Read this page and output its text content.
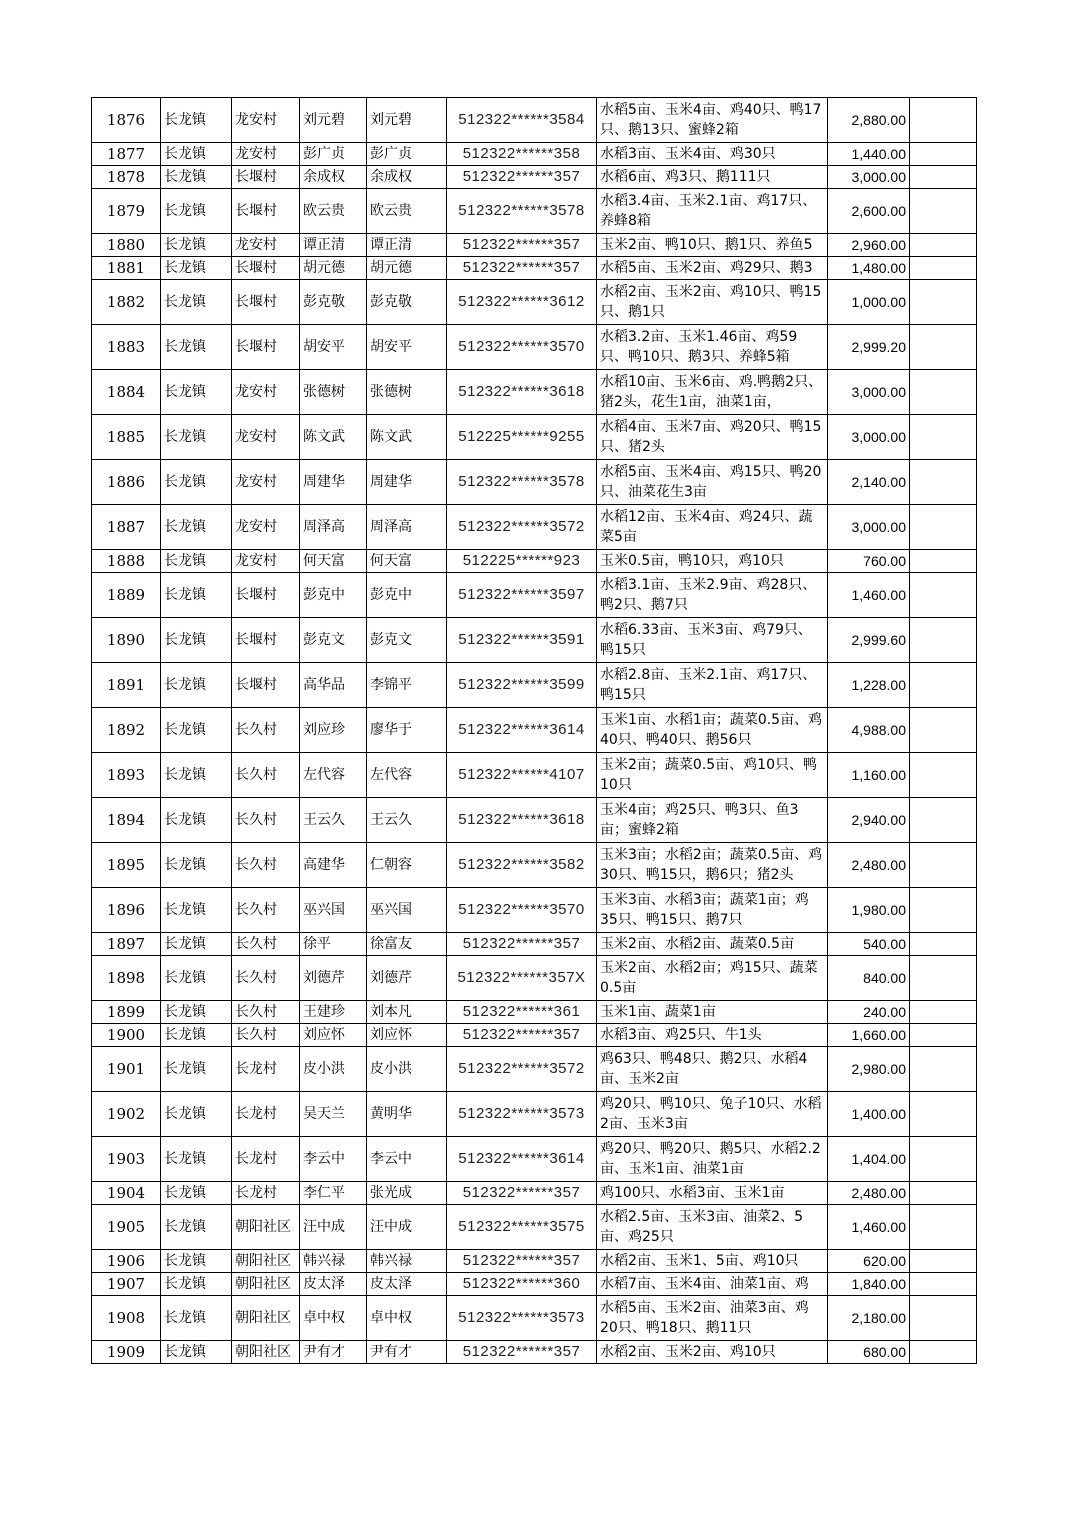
1876	长龙镇	龙安村	刘元碧	刘元碧	512322******3584	水稻5亩、玉米4亩、鸡40只、鸭17只、鹅13只、蜜蜂2箱	2,880.00	
1877	长龙镇	龙安村	彭广贞	彭广贞	512322******358	水稻3亩、玉米4亩、鸡30只	1,440.00	
1878	长龙镇	长堰村	余成权	余成权	512322******357	水稻6亩、鸡3只、鹅111只	3,000.00	
1879	长龙镇	长堰村	欧云贵	欧云贵	512322******3578	水稻3.4亩、玉米2.1亩、鸡17只、养蜂8箱	2,600.00	
1880	长龙镇	龙安村	谭正清	谭正清	512322******357	玉米2亩、鸭10只、鹅1只、养鱼5	2,960.00	
1881	长龙镇	长堰村	胡元德	胡元德	512322******357	水稻5亩、玉米2亩、鸡29只、鹅3	1,480.00	
1882	长龙镇	长堰村	彭克敬	彭克敬	512322******3612	水稻2亩、玉米2亩、鸡10只、鸭15只、鹅1只	1,000.00	
1883	长龙镇	长堰村	胡安平	胡安平	512322******3570	水稻3.2亩、玉米1.46亩、鸡59只、鸭10只、鹅3只、养蜂5箱	2,999.20	
1884	长龙镇	龙安村	张德树	张德树	512322******3618	水稻10亩、玉米6亩、鸡.鸭鹅2只、猪2头，花生1亩，油菜1亩，	3,000.00	
1885	长龙镇	龙安村	陈文武	陈文武	512225******9255	水稻4亩、玉米7亩、鸡20只、鸭15只、猪2头	3,000.00	
1886	长龙镇	龙安村	周建华	周建华	512322******3578	水稻5亩、玉米4亩、鸡15只、鸭20只、油菜花生3亩	2,140.00	
1887	长龙镇	龙安村	周泽高	周泽高	512322******3572	水稻12亩、玉米4亩、鸡24只、蔬菜5亩	3,000.00	
1888	长龙镇	龙安村	何天富	何天富	512225******923	玉米0.5亩，鸭10只，鸡10只	760.00	
1889	长龙镇	长堰村	彭克中	彭克中	512322******3597	水稻3.1亩、玉米2.9亩、鸡28只、鸭2只、鹅7只	1,460.00	
1890	长龙镇	长堰村	彭克文	彭克文	512322******3591	水稻6.33亩、玉米3亩、鸡79只、鸭15只	2,999.60	
1891	长龙镇	长堰村	高华品	李锦平	512322******3599	水稻2.8亩、玉米2.1亩、鸡17只、鸭15只	1,228.00	
1892	长龙镇	长久村	刘应珍	廖华于	512322******3614	玉米1亩、水稻1亩；蔬菜0.5亩、鸡40只、鸭40只、鹅56只	4,988.00	
1893	长龙镇	长久村	左代容	左代容	512322******4107	玉米2亩；蔬菜0.5亩、鸡10只、鸭10只	1,160.00	
1894	长龙镇	长久村	王云久	王云久	512322******3618	玉米4亩；鸡25只、鸭3只、鱼3亩；蜜蜂2箱	2,940.00	
1895	长龙镇	长久村	高建华	仁朝容	512322******3582	玉米3亩；水稻2亩；蔬菜0.5亩、鸡30只、鸭15只，鹅6只；猪2头	2,480.00	
1896	长龙镇	长久村	巫兴国	巫兴国	512322******3570	玉米3亩、水稻3亩；蔬菜1亩；鸡35只、鸭15只、鹅7只	1,980.00	
1897	长龙镇	长久村	徐平	徐富友	512322******357	玉米2亩、水稻2亩、蔬菜0.5亩	540.00	
1898	长龙镇	长久村	刘德芹	刘德芹	512322******357X	玉米2亩、水稻2亩；鸡15只、蔬菜0.5亩	840.00	
1899	长龙镇	长久村	王建珍	刘本凡	512322******361	玉米1亩、蔬菜1亩	240.00	
1900	长龙镇	长久村	刘应怀	刘应怀	512322******357	水稻3亩、鸡25只、牛1头	1,660.00	
1901	长龙镇	长龙村	皮小洪	皮小洪	512322******3572	鸡63只、鸭48只、鹅2只、水稻4亩、玉米2亩	2,980.00	
1902	长龙镇	长龙村	吴天兰	黄明华	512322******3573	鸡20只、鸭10只、兔子10只、水稻2亩、玉米3亩	1,400.00	
1903	长龙镇	长龙村	李云中	李云中	512322******3614	鸡20只、鸭20只、鹅5只、水稻2.2亩、玉米1亩、油菜1亩	1,404.00	
1904	长龙镇	长龙村	李仁平	张光成	512322******357	鸡100只、水稻3亩、玉米1亩	2,480.00	
1905	长龙镇	朝阳社区	汪中成	汪中成	512322******3575	水稻2.5亩、玉米3亩、油菜2、5亩、鸡25只	1,460.00	
1906	长龙镇	朝阳社区	韩兴禄	韩兴禄	512322******357	水稻2亩、玉米1、5亩、鸡10只	620.00	
1907	长龙镇	朝阳社区	皮太泽	皮太泽	512322******360	水稻7亩、玉米4亩、油菜1亩、鸡	1,840.00	
1908	长龙镇	朝阳社区	卓中权	卓中权	512322******3573	水稻5亩、玉米2亩、油菜3亩、鸡20只、鸭18只、鹅11只	2,180.00	
1909	长龙镇	朝阳社区	尹有才	尹有才	512322******357	水稻2亩、玉米2亩、鸡10只	680.00	
